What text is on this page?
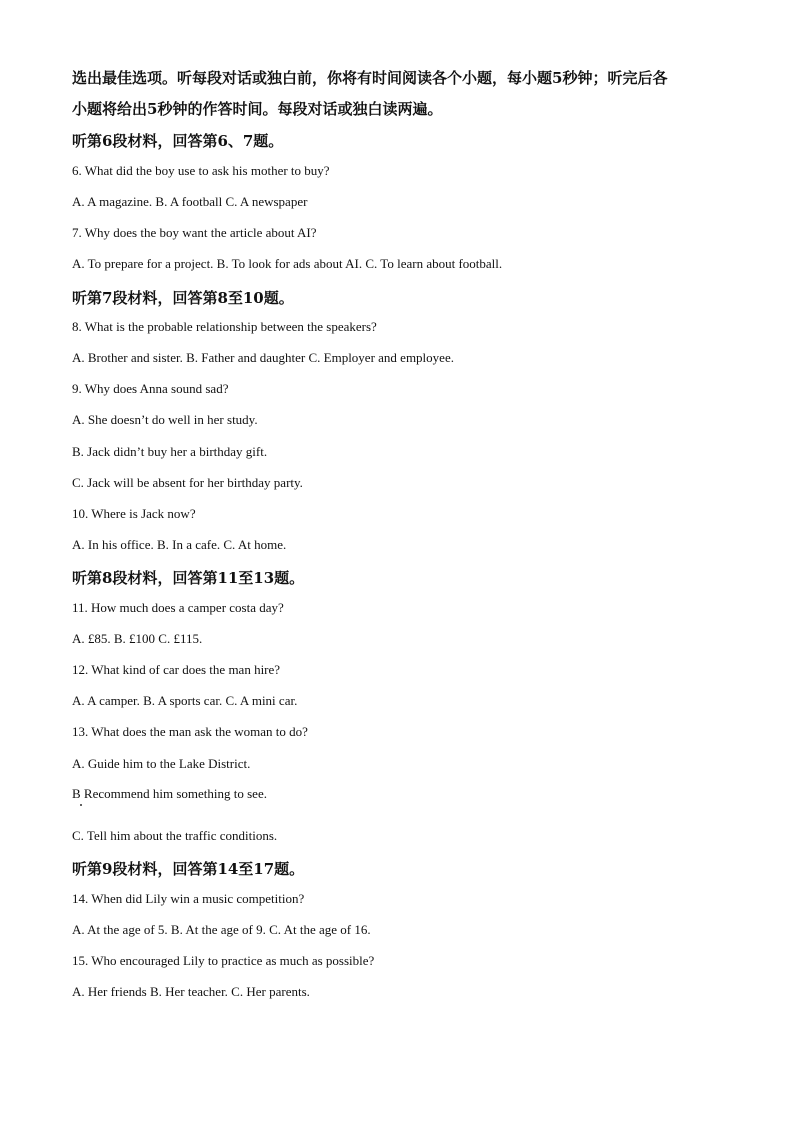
选出最佳选项。听每段对话或独白前，你将有时间阅读各个小题，每小题5秒钟；听完后各
小题将给出5秒钟的作答时间。每段对话或独白读两遍。
听第6段材料，回答第6、7题。
6. What did the boy use to ask his mother to buy?
A. A magazine. B. A football C. A newspaper
7. Why does the boy want the article about AI?
A. To prepare for a project. B. To look for ads about AI. C. To learn about football.
听第7段材料，回答第8至10题。
8. What is the probable relationship between the speakers?
A. Brother and sister. B. Father and daughter C. Employer and employee.
9. Why does Anna sound sad?
A. She doesn’t do well in her study.
B. Jack didn’t buy her a birthday gift.
C. Jack will be absent for her birthday party.
10. Where is Jack now?
A. In his office. B. In a cafe. C. At home.
听第8段材料，回答第11至13题。
11. How much does a camper costa day?
A. £85. B. £100 C. £115.
12. What kind of car does the man hire?
A. A camper. B. A sports car. C. A mini car.
13. What does the man ask the woman to do?
A. Guide him to the Lake District.
B Recommend him something to see.
C. Tell him about the traffic conditions.
听第9段材料，回答第14至17题。
14. When did Lily win a music competition?
A. At the age of 5. B. At the age of 9. C. At the age of 16.
15. Who encouraged Lily to practice as much as possible?
A. Her friends B. Her teacher. C. Her parents.
